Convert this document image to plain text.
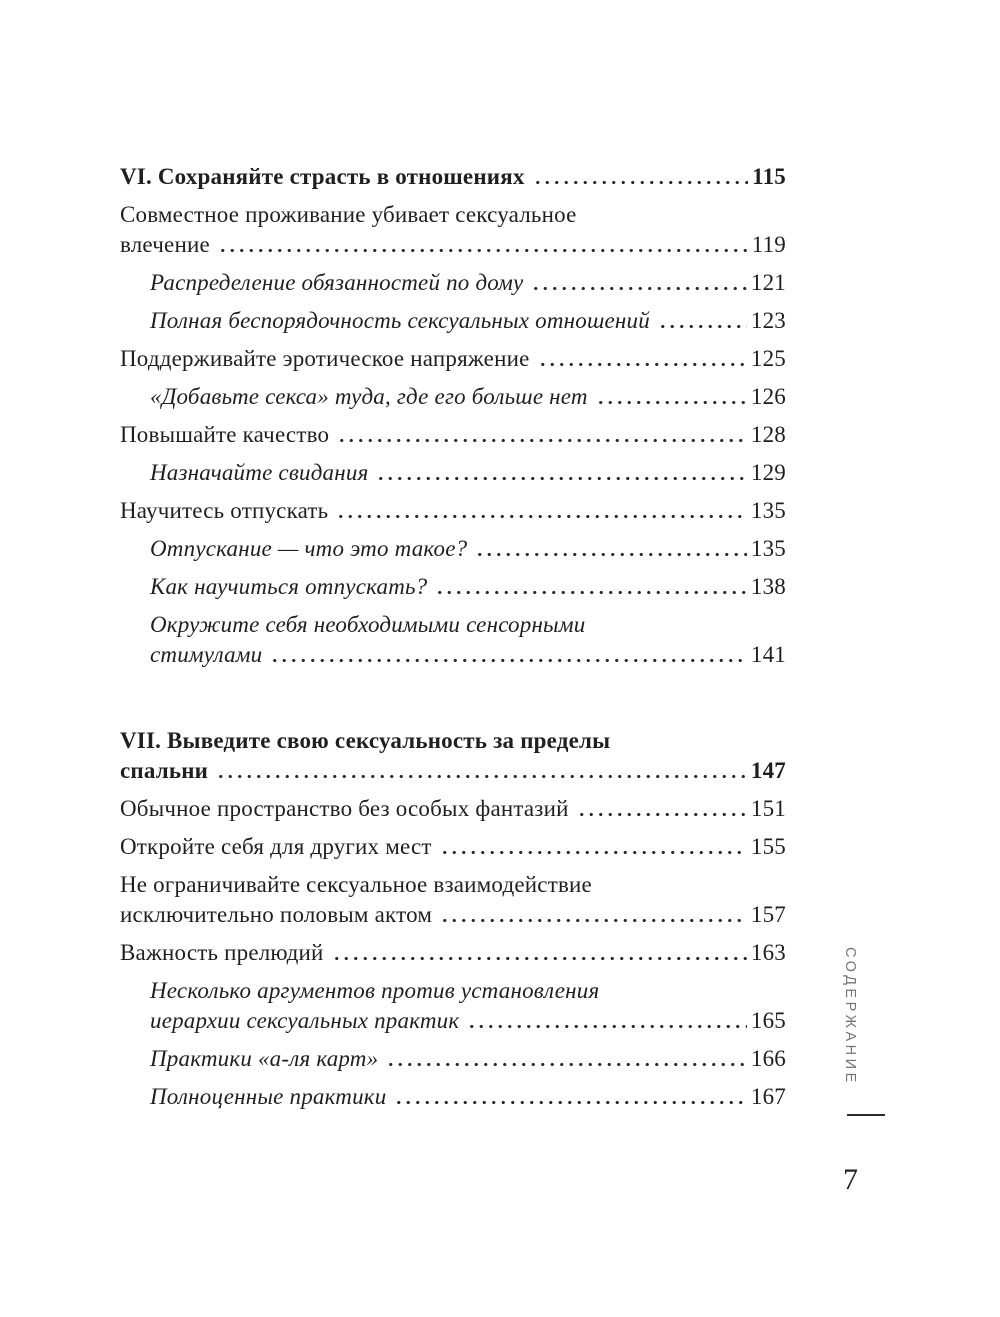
VI. Сохраняйте страсть в отношениях	115
Совместное проживание убивает сексуальное
влечение	119
Распределение обязанностей по дому	121
Полная беспорядочность сексуальных отношений	123
Поддерживайте эротическое напряжение	125
«Добавьте секса» туда, где его больше нет	126
Повышайте качество	128
Назначайте свидания	129
Научитесь отпускать	135
Отпускание — что это такое?	135
Как научиться отпускать?	138
Окружите себя необходимыми сенсорными
стимулами	141
VII. Выведите свою сексуальность за пределы
спальни	147
Обычное пространство без особых фантазий	151
Откройте себя для других мест	155
Не ограничивайте сексуальное взаимодействие
исключительно половым актом	157
Важность прелюдий	163
Несколько аргументов против установления
иерархии сексуальных практик	165
Практики «а-ля карт»	166
Полноценные практики	167
СОДЕРЖАНИЕ
7
